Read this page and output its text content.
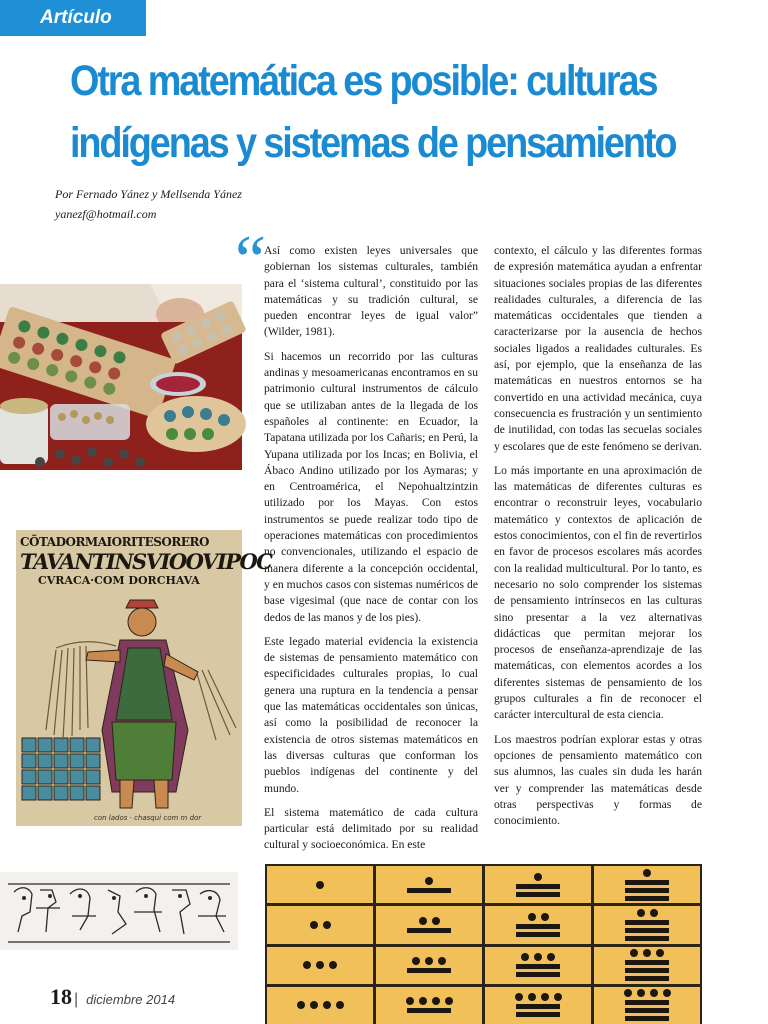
Artículo
Otra matemática es posible: culturas
indígenas y sistemas de pensamiento
Por Fernado Yánez y Mellsenda Yánez
yanezf@hotmail.com
CÕTADORMAIORITESORERO
TAVANTINSVIOOVIPOC
CVRACA·COM DORCHAVA
con lados · chasqui com m dor
“ Así como existen leyes universales que gobiernan los sistemas culturales, también para el ‘sistema cultural’, constituido por las matemáticas y su tradición cultural, se pueden encontrar leyes de igual valor” (Wilder, 1981).

Si hacemos un recorrido por las culturas andinas y mesoamericanas encontramos en su patrimonio cultural instrumentos de cálculo que se utilizaban antes de la llegada de los españoles al continente: en Ecuador, la Tapatana utilizada por los Cañaris; en Perú, la Yupana utilizada por los Incas; en Bolivia, el Ábaco Andino utilizado por los Aymaras; y en Centroamérica, el Nepohualtzintzin utilizado por los Mayas. Con estos instrumentos se puede realizar todo tipo de operaciones matemáticas con procedimientos no convencionales, utilizando el espacio de manera diferente a la concepción occidental, y en muchos casos con sistemas numéricos de base vigesimal (que nace de contar con los dedos de las manos y de los pies).

Este legado material evidencia la existencia de sistemas de pensamiento matemático con especificidades culturales propias, lo cual genera una ruptura en la tendencia a pensar que las matemáticas occidentales son únicas, así como la posibilidad de reconocer la existencia de otros sistemas matemáticos en las diversas culturas que conforman los pueblos indígenas del continente y del mundo.

El sistema matemático de cada cultura particular está delimitado por su realidad cultural y socioeconómica. En este

contexto, el cálculo y las diferentes formas de expresión matemática ayudan a enfrentar situaciones sociales propias de las diferentes realidades culturales, a diferencia de las matemáticas occidentales que tienden a caracterizarse por la ausencia de hechos sociales ligados a realidades culturales. Es así, por ejemplo, que la enseñanza de las matemáticas en nuestros entornos se ha convertido en una actividad mecánica, cuya consecuencia es frustración y un sentimiento de inutilidad, con todas las secuelas sociales y escolares que de este fenómeno se derivan.

Lo más importante en una aproximación de las matemáticas de diferentes culturas es encontrar o reconstruir leyes, vocabulario matemático y contextos de aplicación de estos conocimientos, con el fin de revertirlos en favor de procesos escolares más acordes con la realidad multicultural. Por lo tanto, es necesario no solo comprender los sistemas de pensamiento intrínsecos en las culturas sino presentar a la vez alternativas didácticas que permitan mejorar los procesos de enseñanza-aprendizaje de las matemáticas, con elementos acordes a los diferentes sistemas de pensamiento de los grupos culturales a fin de reconocer el carácter intercultural de esta ciencia.

Los maestros podrían explorar estas y otras opciones de pensamiento matemático con sus alumnos, las cuales sin duda les harán ver y comprender las matemáticas desde otras perspectivas y formas de conocimiento.

18 | diciembre 2014
